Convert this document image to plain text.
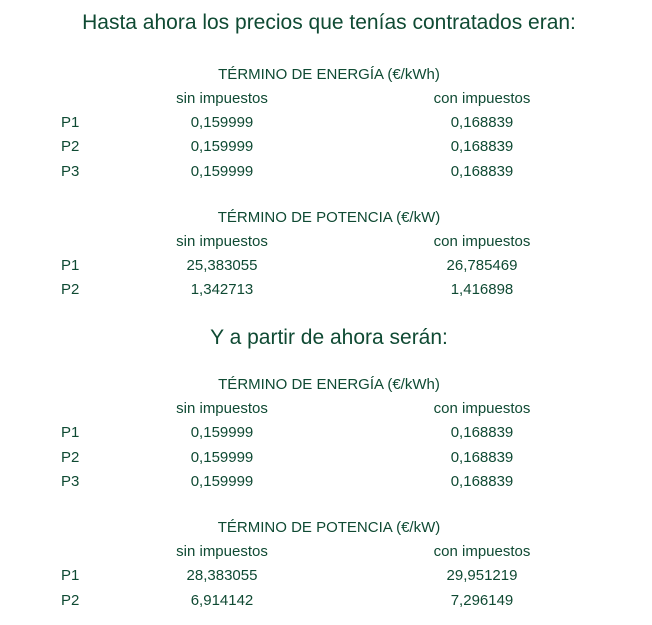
Hasta ahora los precios que tenías contratados eran:
TÉRMINO DE ENERGÍA (€/kWh)
sin impuestos	con impuestos
P1	0,159999	0,168839
P2	0,159999	0,168839
P3	0,159999	0,168839
TÉRMINO DE POTENCIA (€/kW)
sin impuestos	con impuestos
P1	25,383055	26,785469
P2	1,342713	1,416898
Y a partir de ahora serán:
TÉRMINO DE ENERGÍA (€/kWh)
sin impuestos	con impuestos
P1	0,159999	0,168839
P2	0,159999	0,168839
P3	0,159999	0,168839
TÉRMINO DE POTENCIA (€/kW)
sin impuestos	con impuestos
P1	28,383055	29,951219
P2	6,914142	7,296149
